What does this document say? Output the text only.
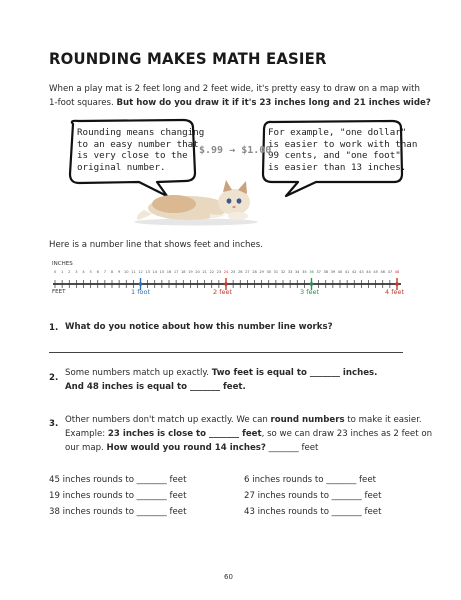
ROUNDING MAKES MATH EASIER
When a play mat is 2 feet long and 2 feet wide, it's pretty easy to draw on a map with
1-foot squares. But how do you draw it if it's 23 inches long and 21 inches wide?
Rounding means changing
to an easy number that
is very close to the
original number.
For example, "one dollar"
is easier to work with than
99 cents, and "one foot"
is easier than 13 inches.
$.99 → $1.00
Here is a number line that shows feet and inches.
INCHES
0	1	2	3	4	5	6	7	8	9	10 11 12 13 14 15 16 17 18 19 20 21 22 23 24 25 26 27 28 29 30 31 32 33 34 35 36 37 38 39 40 41 42 43 44 45 46 47 48
FEET	1 foot	2 feet	3 feet	4 feet
1. What do you notice about how this number line works?
2. Some numbers match up exactly. Two feet is equal to _______ inches.
And 48 inches is equal to _______ feet.
3. Other numbers don't match up exactly. We can round numbers to make it easier.
Example: 23 inches is close to _______ feet, so we can draw 23 inches as 2 feet on
our map. How would you round 14 inches? _______ feet
45 inches rounds to _______ feet
19 inches rounds to _______ feet
38 inches rounds to _______ feet
6 inches rounds to _______ feet
27 inches rounds to _______ feet
43 inches rounds to _______ feet
60
